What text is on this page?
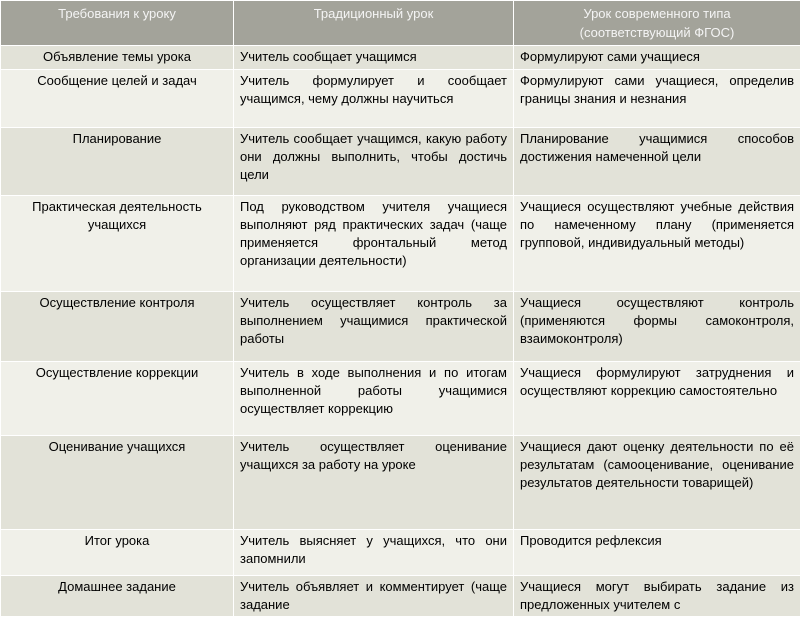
Требования к уроку	Традиционный урок	Урок современного типа
(соответствующий ФГОС)

Объявление темы урока	Учитель сообщает учащимся	Формулируют сами учащиеся
Сообщение целей и задач	Учитель формулирует и сообщает учащимся, чему должны научиться	Формулируют сами учащиеся, определив границы знания и незнания
Планирование	Учитель сообщает учащимся, какую работу они должны выполнить, чтобы достичь цели	Планирование учащимися способов достижения намеченной цели
Практическая деятельность учащихся	Под руководством учителя учащиеся выполняют ряд практических задач (чаще применяется фронтальный метод организации деятельности)	Учащиеся осуществляют учебные действия по намеченному плану (применяется групповой, индивидуальный методы)
Осуществление контроля	Учитель осуществляет контроль за выполнением учащимися практической работы	Учащиеся осуществляют контроль (применяются формы самоконтроля, взаимоконтроля)
Осуществление коррекции	Учитель в ходе выполнения и по итогам выполненной работы учащимися осуществляет коррекцию	Учащиеся формулируют затруднения и осуществляют коррекцию самостоятельно
Оценивание учащихся	Учитель осуществляет оценивание учащихся за работу на уроке	Учащиеся дают оценку деятельности по её результатам (самооценивание, оценивание результатов деятельности товарищей)
Итог урока	Учитель выясняет у учащихся, что они запомнили	Проводится рефлексия
Домашнее задание	Учитель объявляет и комментирует (чаще задание	Учащиеся могут выбирать задание из предложенных учителем с
